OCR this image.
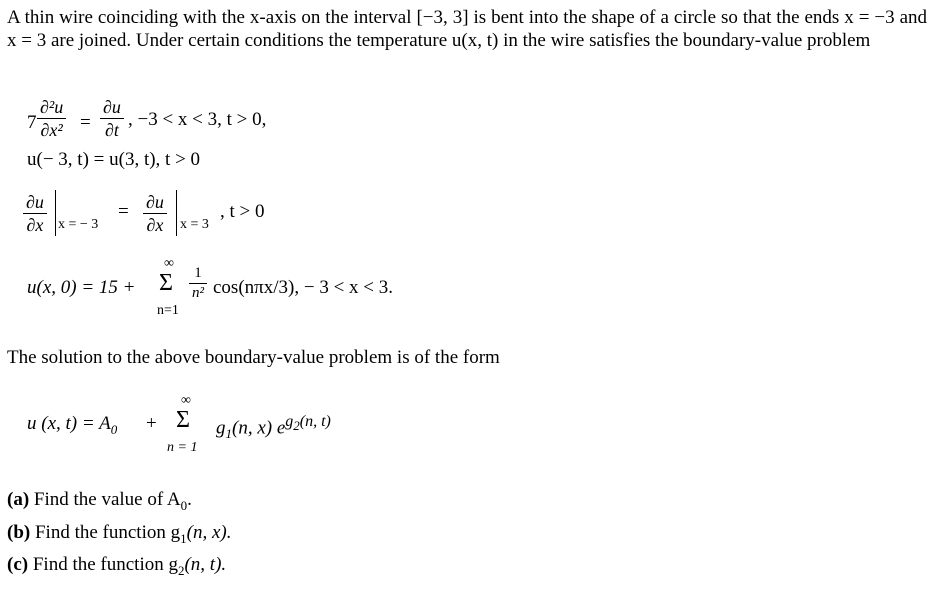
A thin wire coinciding with the x-axis on the interval [−3, 3] is bent into the shape of a circle so that the ends x = −3 and x = 3 are joined. Under certain conditions the temperature u(x, t) in the wire satisfies the boundary-value problem
7
∂²u
∂x² =
∂u
∂t , −3 < x < 3, t > 0,
u(− 3, t) = u(3, t), t > 0
∂u
∂x x = − 3
= ∂u
∂x x = 3
, t > 0
u(x, 0) = 15 +
∞
Σ
n=1
1
n² cos(nπx/3), − 3 < x < 3.
The solution to the above boundary-value problem is of the form
u (x, $t) = A_0$ +
∞
Σ
n = 1
$g_1(n$, x) $e^{g_2(n, t)}$
(a) Find the value of $A_0$.
(b) Find the function $g_1(n$, x).
(c) Find the function $g_2(n$, t).
